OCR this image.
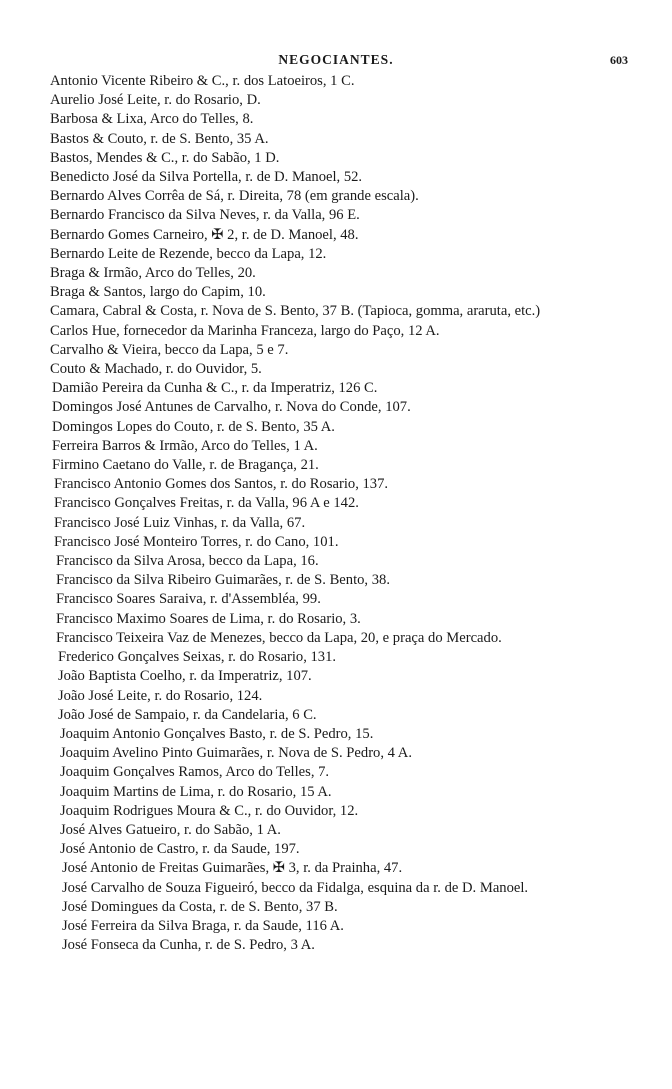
NEGOCIANTES.	603
Antonio Vicente Ribeiro & C., r. dos Latoeiros, 1 C.
Aurelio José Leite, r. do Rosario, D.
Barbosa & Lixa, Arco do Telles, 8.
Bastos & Couto, r. de S. Bento, 35 A.
Bastos, Mendes & C., r. do Sabão, 1 D.
Benedicto José da Silva Portella, r. de D. Manoel, 52.
Bernardo Alves Corrêa de Sá, r. Direita, 78 (em grande escala).
Bernardo Francisco da Silva Neves, r. da Valla, 96 E.
Bernardo Gomes Carneiro, ✠ 2, r. de D. Manoel, 48.
Bernardo Leite de Rezende, becco da Lapa, 12.
Braga & Irmão, Arco do Telles, 20.
Braga & Santos, largo do Capim, 10.
Camara, Cabral & Costa, r. Nova de S. Bento, 37 B. (Tapioca, gomma, araruta, etc.)
Carlos Hue, fornecedor da Marinha Franceza, largo do Paço, 12 A.
Carvalho & Vieira, becco da Lapa, 5 e 7.
Couto & Machado, r. do Ouvidor, 5.
Damião Pereira da Cunha & C., r. da Imperatriz, 126 C.
Domingos José Antunes de Carvalho, r. Nova do Conde, 107.
Domingos Lopes do Couto, r. de S. Bento, 35 A.
Ferreira Barros & Irmão, Arco do Telles, 1 A.
Firmino Caetano do Valle, r. de Bragança, 21.
Francisco Antonio Gomes dos Santos, r. do Rosario, 137.
Francisco Gonçalves Freitas, r. da Valla, 96 A e 142.
Francisco José Luiz Vinhas, r. da Valla, 67.
Francisco José Monteiro Torres, r. do Cano, 101.
Francisco da Silva Arosa, becco da Lapa, 16.
Francisco da Silva Ribeiro Guimarães, r. de S. Bento, 38.
Francisco Soares Saraiva, r. d'Assembléa, 99.
Francisco Maximo Soares de Lima, r. do Rosario, 3.
Francisco Teixeira Vaz de Menezes, becco da Lapa, 20, e praça do Mercado.
Frederico Gonçalves Seixas, r. do Rosario, 131.
João Baptista Coelho, r. da Imperatriz, 107.
João José Leite, r. do Rosario, 124.
João José de Sampaio, r. da Candelaria, 6 C.
Joaquim Antonio Gonçalves Basto, r. de S. Pedro, 15.
Joaquim Avelino Pinto Guimarães, r. Nova de S. Pedro, 4 A.
Joaquim Gonçalves Ramos, Arco do Telles, 7.
Joaquim Martins de Lima, r. do Rosario, 15 A.
Joaquim Rodrigues Moura & C., r. do Ouvidor, 12.
José Alves Gatueiro, r. do Sabão, 1 A.
José Antonio de Castro, r. da Saude, 197.
José Antonio de Freitas Guimarães, ✠ 3, r. da Prainha, 47.
José Carvalho de Souza Figueiró, becco da Fidalga, esquina da r. de D. Manoel.
José Domingues da Costa, r. de S. Bento, 37 B.
José Ferreira da Silva Braga, r. da Saude, 116 A.
José Fonseca da Cunha, r. de S. Pedro, 3 A.
